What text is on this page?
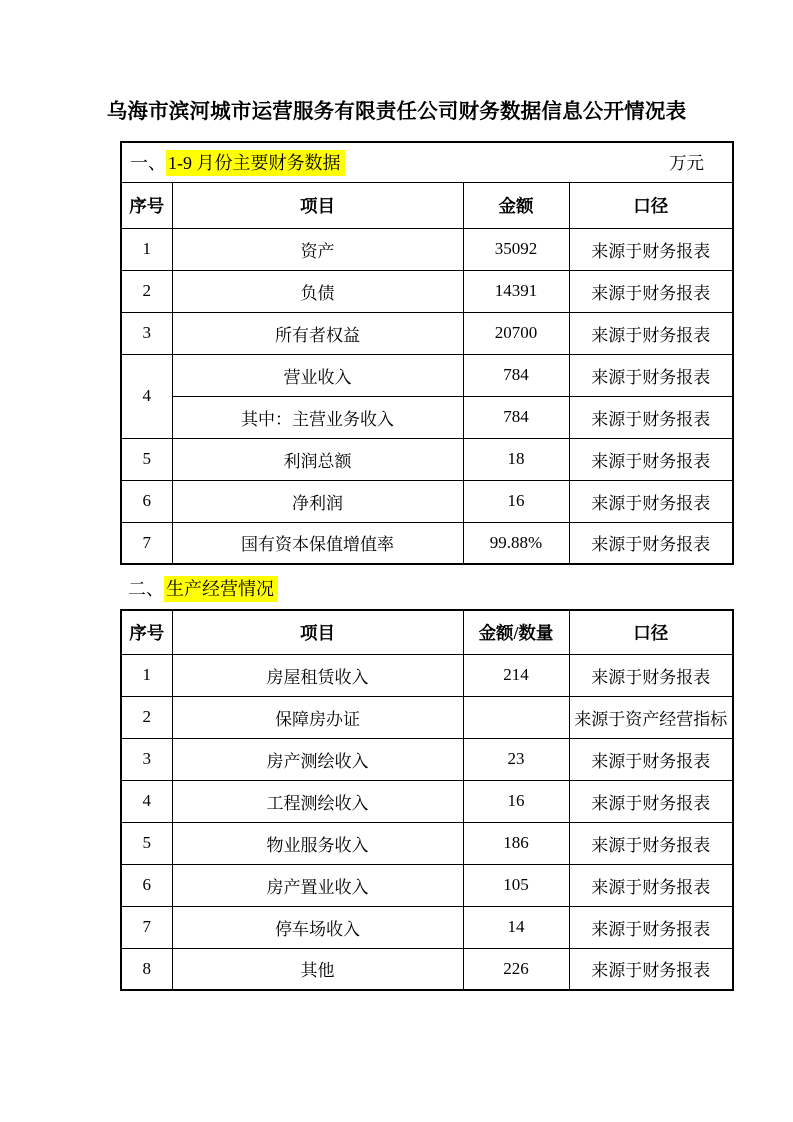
乌海市滨河城市运营服务有限责任公司财务数据信息公开情况表
一、 1-9 月份主要财务数据 万元			

序号	项目	金额	口径
1	资产	35092	来源于财务报表
2	负债	14391	来源于财务报表
3	所有者权益	20700	来源于财务报表
4	营业收入	784	来源于财务报表
	其中：主营业务收入	784	来源于财务报表
5	利润总额	18	来源于财务报表
6	净利润	16	来源于财务报表
7	国有资本保值增值率	99.88%	来源于财务报表
二、 生产经营情况
序号	项目	金额/数量	口径
1	房屋租赁收入	214	来源于财务报表
2	保障房办证		来源于资产经营指标
3	房产测绘收入	23	来源于财务报表
4	工程测绘收入	16	来源于财务报表
5	物业服务收入	186	来源于财务报表
6	房产置业收入	105	来源于财务报表
7	停车场收入	14	来源于财务报表
8	其他	226	来源于财务报表
